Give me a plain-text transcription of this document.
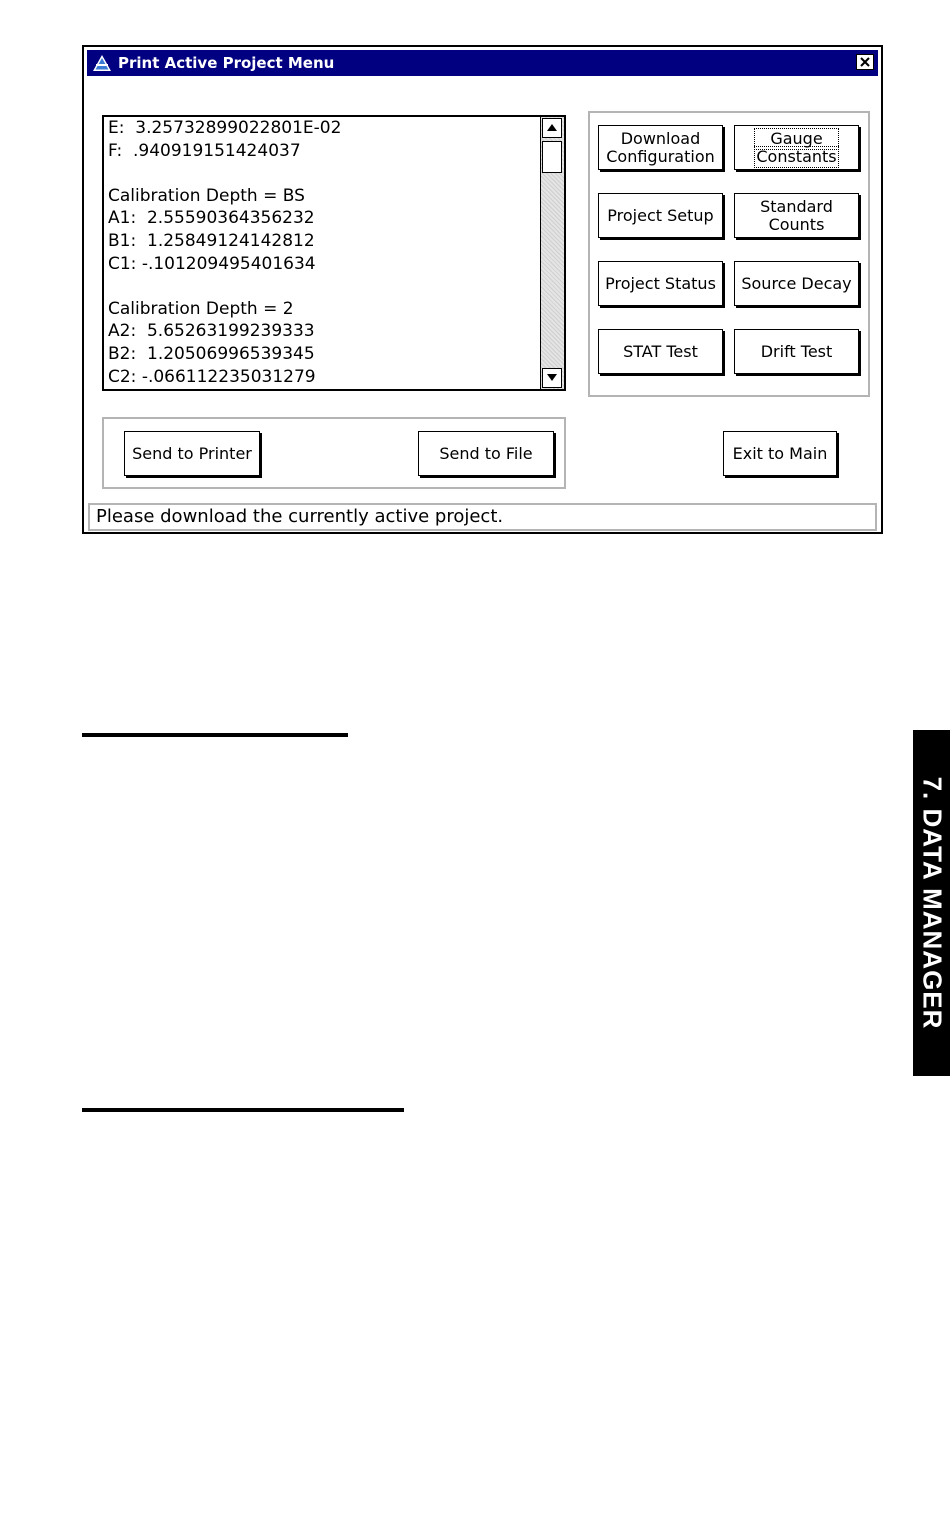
Print Active Project Menu
E:  3.25732899022801E-02
F:  .940919151424037

Calibration Depth = BS
A1:  2.55590364356232
B1:  1.25849124142812
C1: -.101209495401634

Calibration Depth = 2
A2:  5.65263199239333
B2:  1.20506996539345
C2: -.066112235031279
Download
Configuration
Gauge
Constants
Project Setup	Standard
Counts
Project Status Source Decay
STAT Test	Drift Test
Send to Printer	Send to File	Exit to Main
Please download the currently active project.
7. DATA MANAGER
